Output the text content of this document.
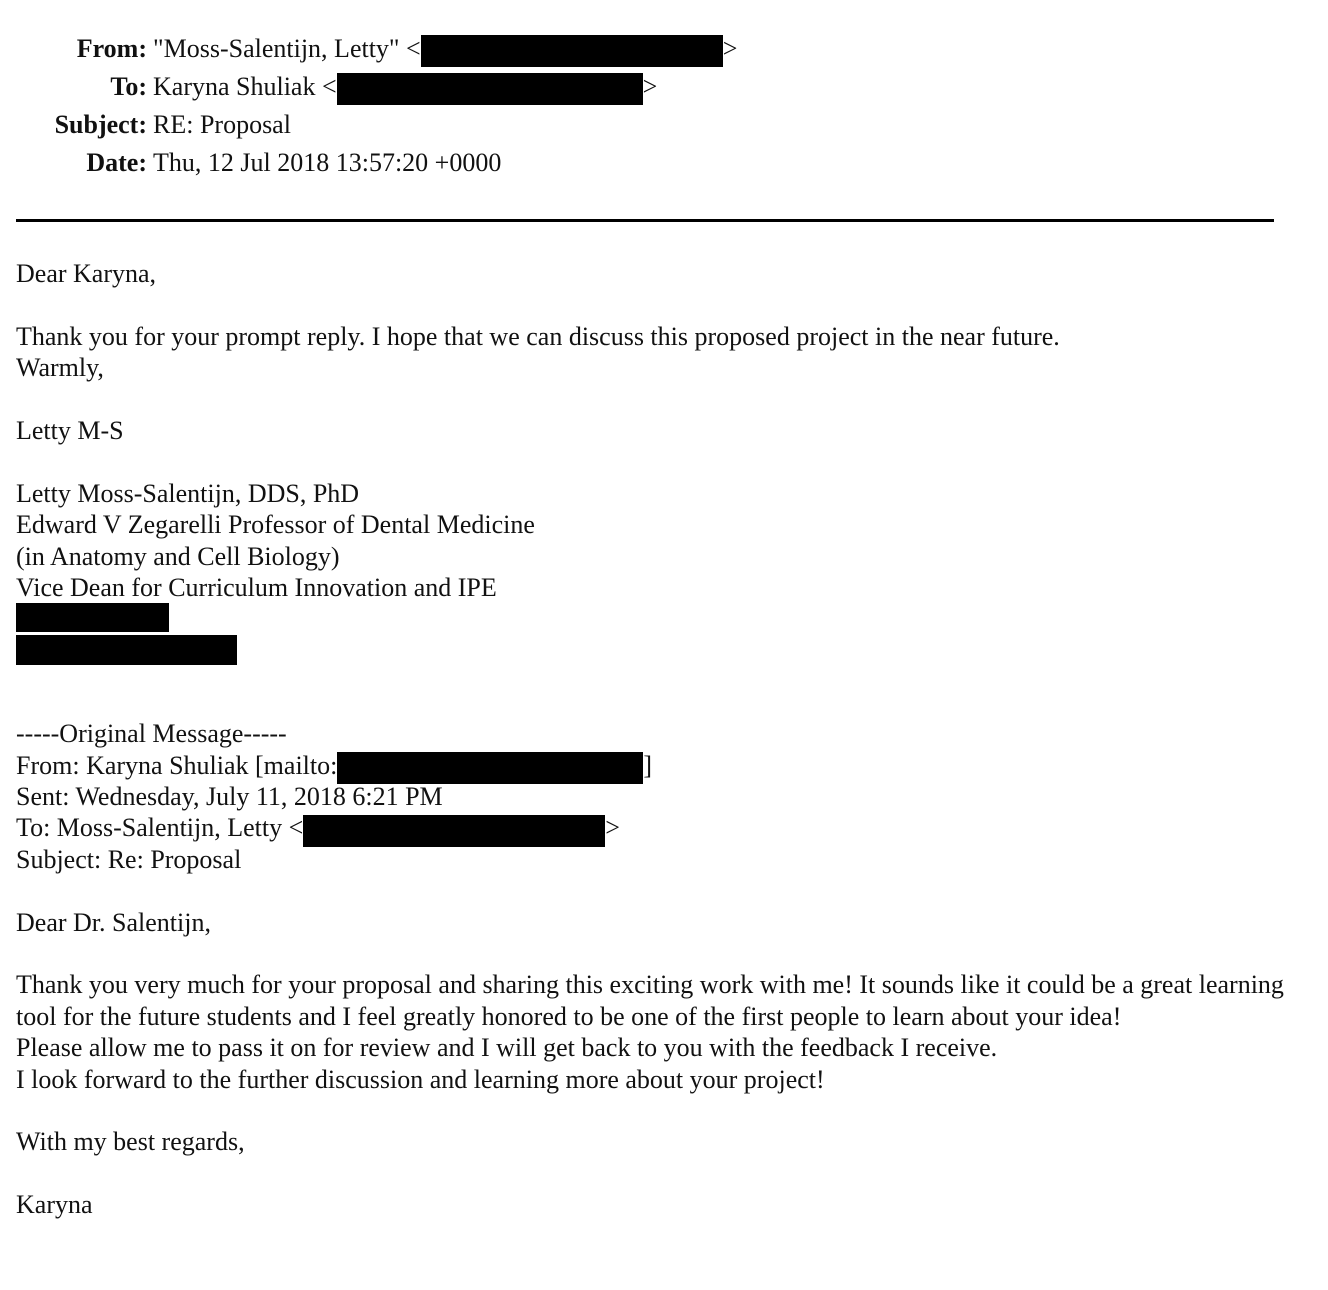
From: "Moss-Salentijn, Letty" <	>
To: Karyna Shuliak <	>
Subject: RE: Proposal
Date: Thu, 12 Jul 2018 13:57:20 +0000
Dear Karyna,
Thank you for your prompt reply. I hope that we can discuss this proposed project in the near future.
Warmly,
Letty M-S
Letty Moss-Salentijn, DDS, PhD
Edward V Zegarelli Professor of Dental Medicine
(in Anatomy and Cell Biology)
Vice Dean for Curriculum Innovation and IPE
-----Original Message-----
From: Karyna Shuliak [mailto:	]
Sent: Wednesday, July 11, 2018 6:21 PM
To: Moss-Salentijn, Letty <	>
Subject: Re: Proposal
Dear Dr. Salentijn,
Thank you very much for your proposal and sharing this exciting work with me! It sounds like it could be a great learning tool for the future students and I feel greatly honored to be one of the first people to learn about your idea!
Please allow me to pass it on for review and I will get back to you with the feedback I receive.
I look forward to the further discussion and learning more about your project!
With my best regards,
Karyna
